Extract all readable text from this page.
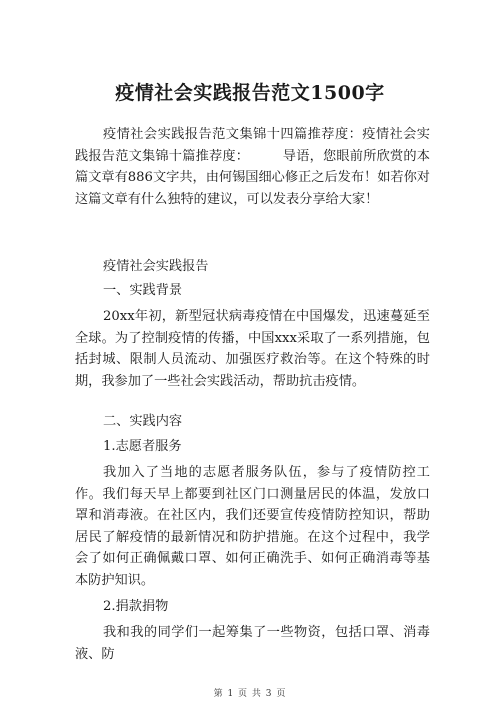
疫情社会实践报告范文1500字

疫情社会实践报告范文集锦十四篇推荐度：疫情社会实践报告范文集锦十篇推荐度：　　　导语，您眼前所欣赏的本篇文章有886文字共，由何锡国细心修正之后发布！如若你对这篇文章有什么独特的建议，可以发表分享给大家！

疫情社会实践报告

一、实践背景

20xx年初，新型冠状病毒疫情在中国爆发，迅速蔓延至全球。为了控制疫情的传播，中国xxx采取了一系列措施，包括封城、限制人员流动、加强医疗救治等。在这个特殊的时期，我参加了一些社会实践活动，帮助抗击疫情。

二、实践内容

1.志愿者服务

我加入了当地的志愿者服务队伍，参与了疫情防控工作。我们每天早上都要到社区门口测量居民的体温，发放口罩和消毒液。在社区内，我们还要宣传疫情防控知识，帮助居民了解疫情的最新情况和防护措施。在这个过程中，我学会了如何正确佩戴口罩、如何正确洗手、如何正确消毒等基本防护知识。

2.捐款捐物

我和我的同学们一起筹集了一些物资，包括口罩、消毒液、防

第 1 页 共 3 页
